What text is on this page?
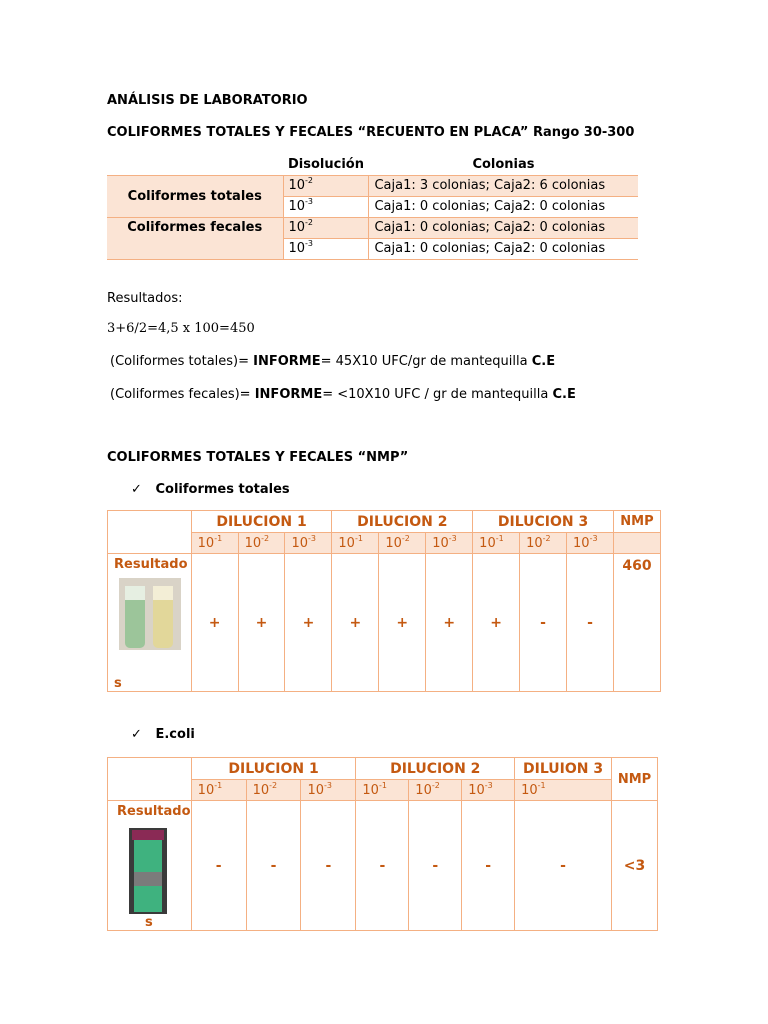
ANÁLISIS DE LABORATORIO
COLIFORMES TOTALES Y FECALES “RECUENTO EN PLACA” Rango 30-300
	Disolución	Colonias
Coliformes totales	$10^{-2}$	Caja1: 3 colonias; Caja2: 6 colonias
	$10^{-3}$	Caja1: 0 colonias; Caja2: 0 colonias
Coliformes fecales	$10^{-2}$	Caja1: 0 colonias; Caja2: 0 colonias
	$10^{-3}$	Caja1: 0 colonias; Caja2: 0 colonias
Resultados:
3+6/2=4,5 x 100=450
(Coliformes totales)= INFORME= 45X10 UFC/gr de mantequilla C.E
(Coliformes fecales)= INFORME= <10X10 UFC / gr de mantequilla C.E
COLIFORMES TOTALES Y FECALES “NMP”
✓ Coliformes totales
	DILUCION 1			DILUCION 2			DILUCION 3			NMP
	$10^{-1}$	$10^{-2}$	$10^{-3}$	$10^{-1}$	$10^{-2}$	$10^{-3}$	$10^{-1}$	$10^{-2}$	$10^{-3}$	

Resultado
s	+	+	+	+	+	+	+	-	-	460
✓ E.coli
	DILUCION 1			DILUCION 2			DILUION 3	NMP
	$10^{-1}$	$10^{-2}$	$10^{-3}$	$10^{-1}$	$10^{-2}$	$10^{-3}$	$10^{-1}$

Resultado
s	-	-	-	-	-	-	-	<3
